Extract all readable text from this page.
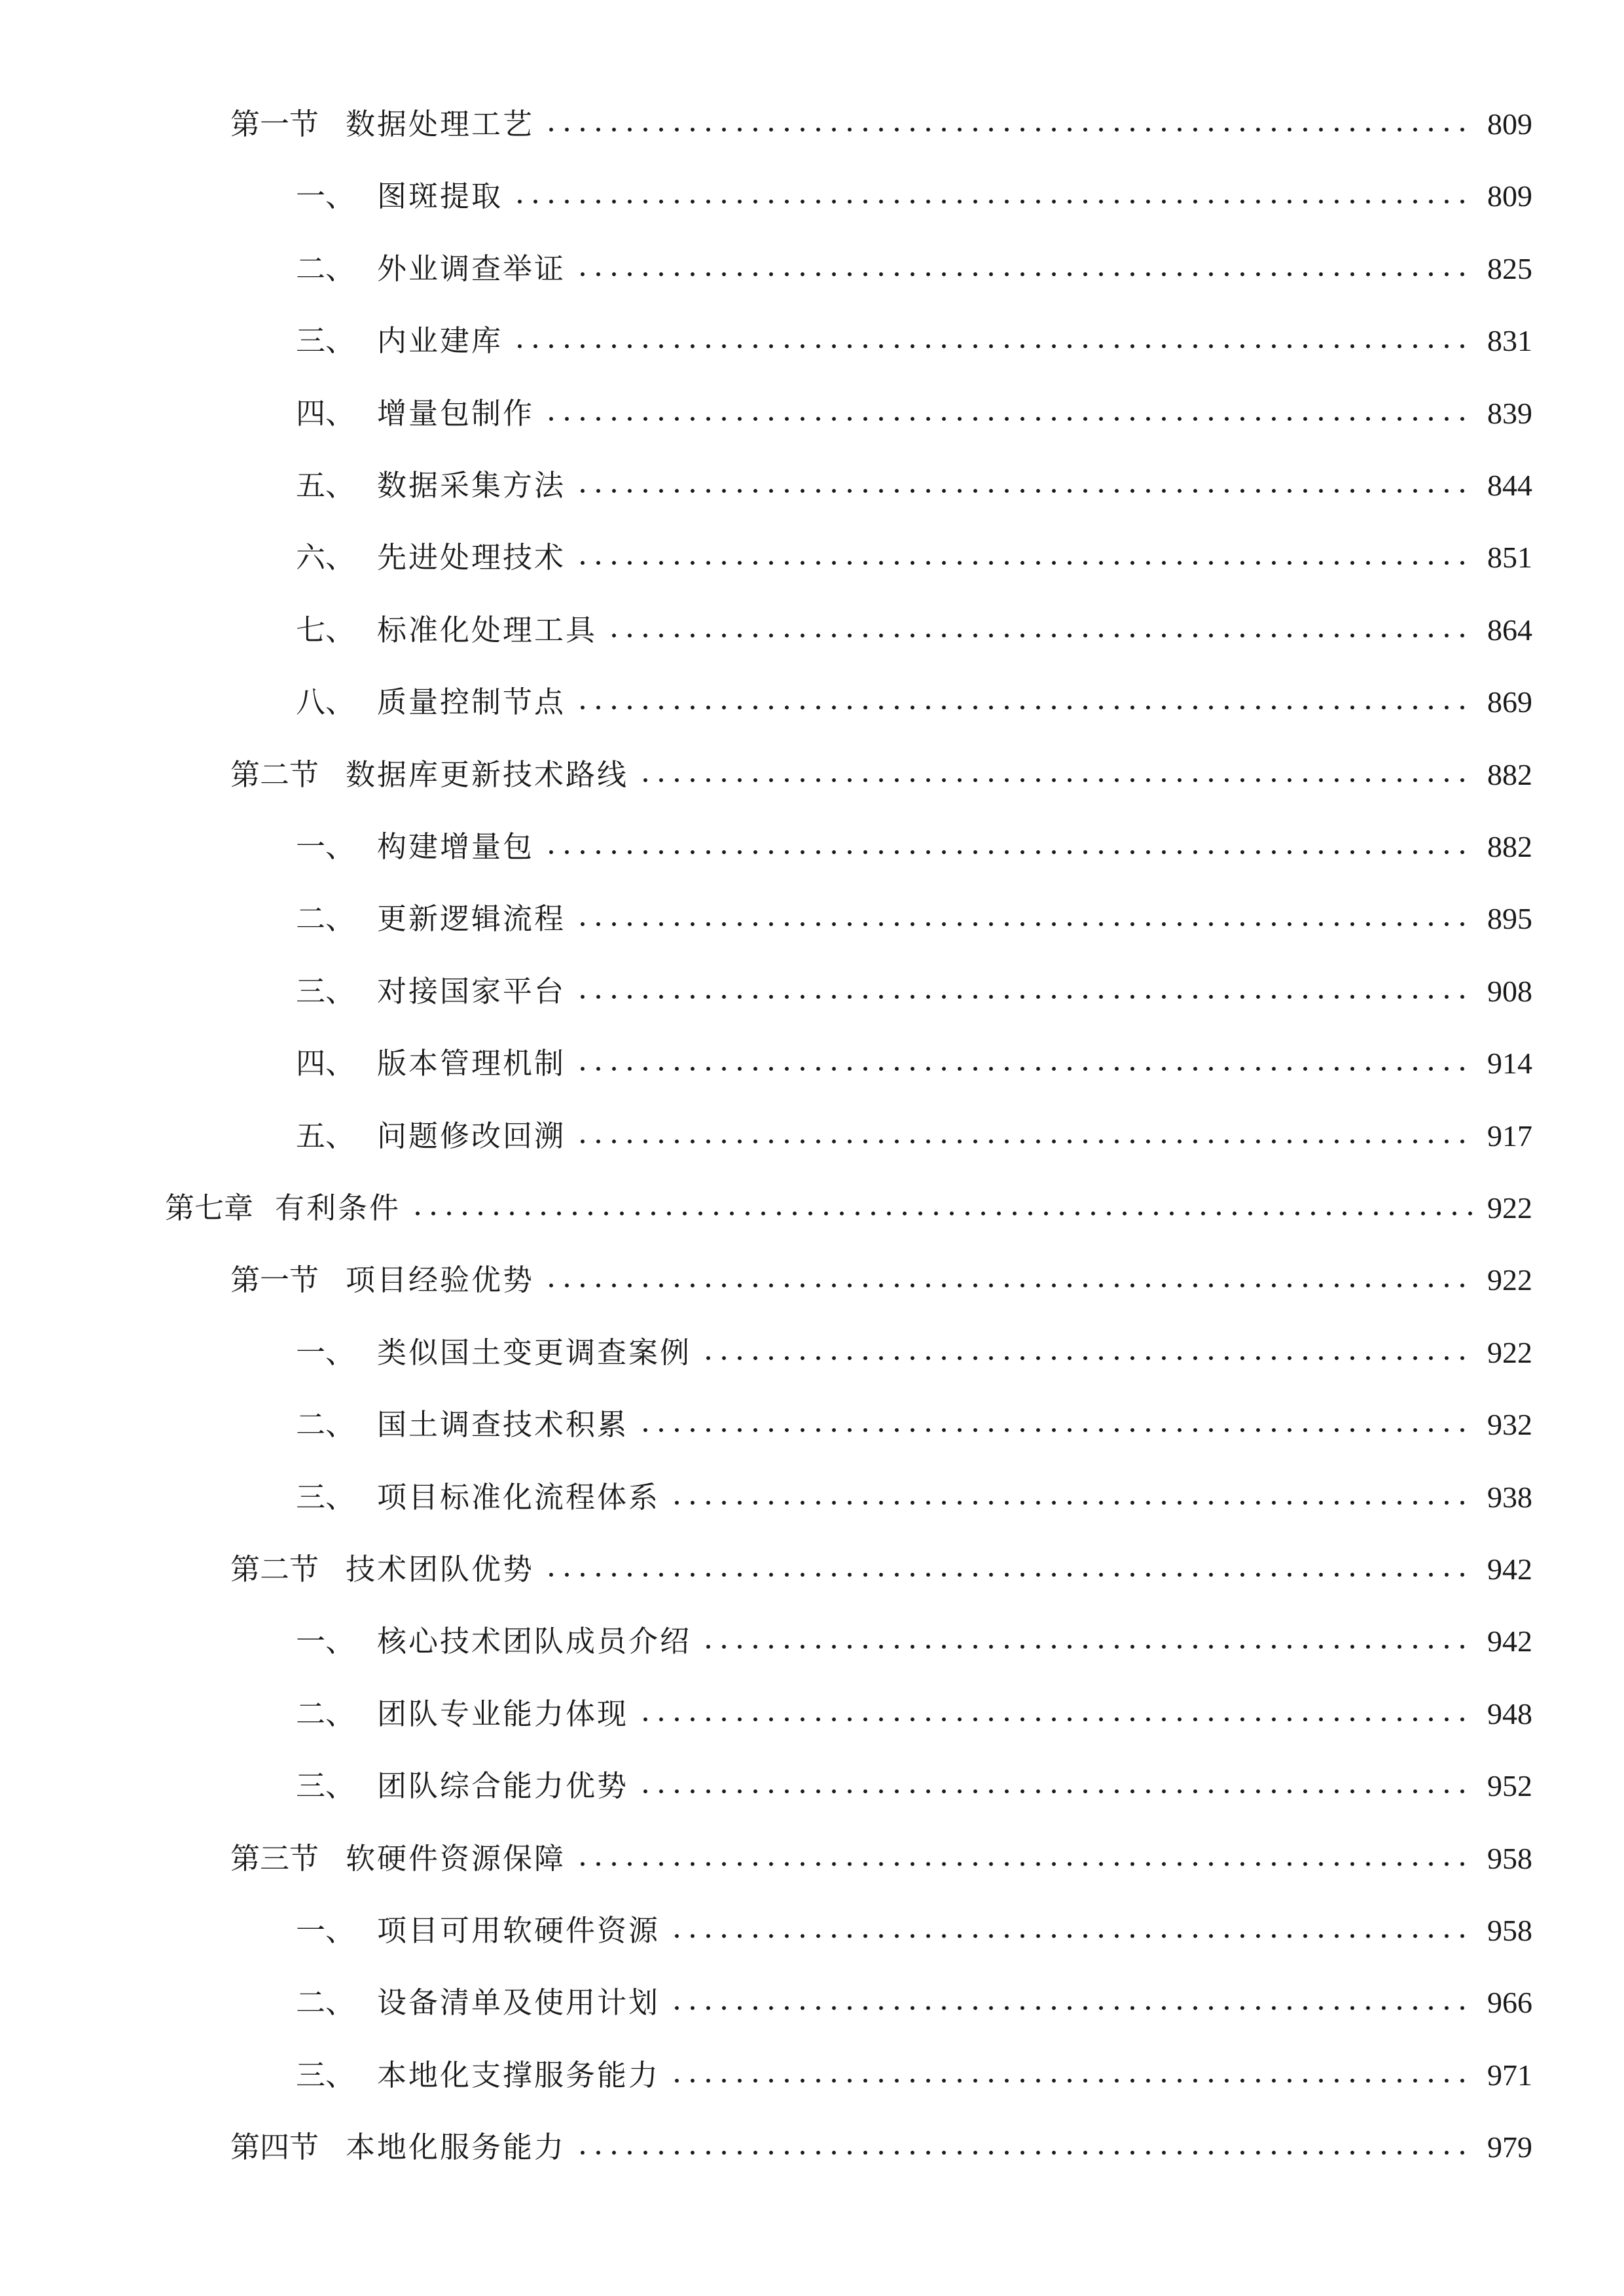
第一节 数据处理工艺	809
一、 图斑提取	809
二、 外业调查举证	825
三、 内业建库	831
四、 增量包制作	839
五、 数据采集方法	844
六、 先进处理技术	851
七、 标准化处理工具	864
八、 质量控制节点	869
第二节 数据库更新技术路线	882
一、 构建增量包	882
二、 更新逻辑流程	895
三、 对接国家平台	908
四、 版本管理机制	914
五、 问题修改回溯	917
第七章 有利条件	922
第一节 项目经验优势	922
一、 类似国土变更调查案例	922
二、 国土调查技术积累	932
三、 项目标准化流程体系	938
第二节 技术团队优势	942
一、 核心技术团队成员介绍	942
二、 团队专业能力体现	948
三、 团队综合能力优势	952
第三节 软硬件资源保障	958
一、 项目可用软硬件资源	958
二、 设备清单及使用计划	966
三、 本地化支撑服务能力	971
第四节 本地化服务能力	979
